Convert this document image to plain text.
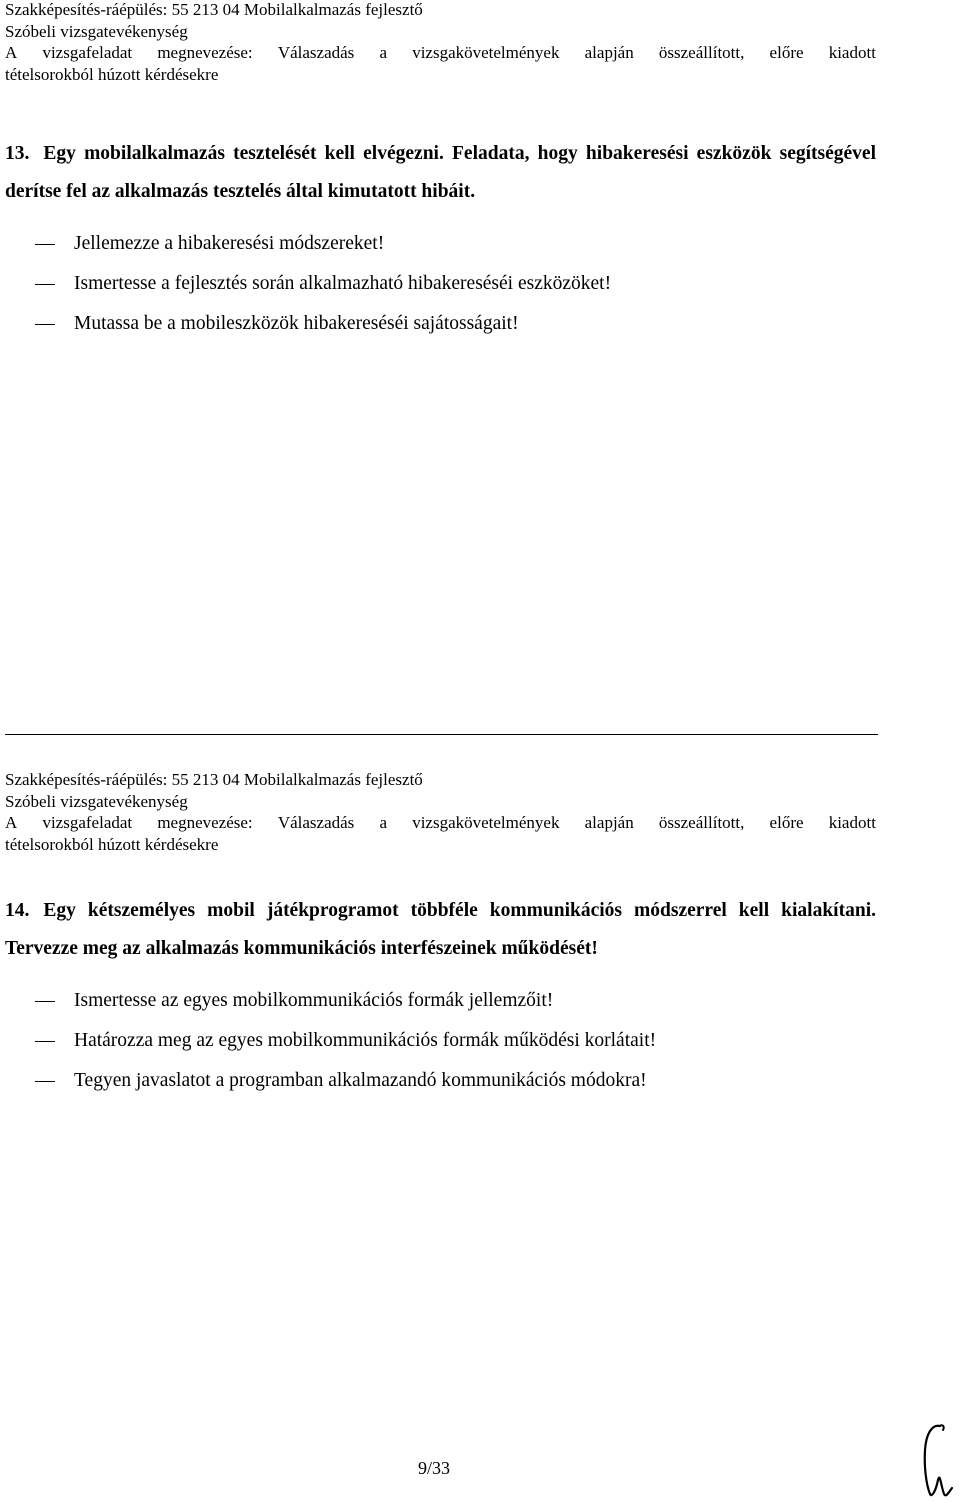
Szakképesítés-ráépülés: 55 213 04 Mobilalkalmazás fejlesztő
Szóbeli vizsgatevékenység
A vizsgafeladat megnevezése: Válaszadás a vizsgakövetelmények alapján összeállított, előre kiadott
tételsorokból húzott kérdésekre
13. Egy mobilalkalmazás tesztelését kell elvégezni. Feladata, hogy hibakeresési eszközök segítségével derítse fel az alkalmazás tesztelés által kimutatott hibáit.
Jellemezze a hibakeresési módszereket!
Ismertesse a fejlesztés során alkalmazható hibakereséséi eszközöket!
Mutassa be a mobileszközök hibakereséséi sajátosságait!
Szakképesítés-ráépülés: 55 213 04 Mobilalkalmazás fejlesztő
Szóbeli vizsgatevékenység
A vizsgafeladat megnevezése: Válaszadás a vizsgakövetelmények alapján összeállított, előre kiadott
tételsorokból húzott kérdésekre
14. Egy kétszemélyes mobil játékprogramot többféle kommunikációs módszerrel kell kialakítani. Tervezze meg az alkalmazás kommunikációs interfészeinek működését!
Ismertesse az egyes mobilkommunikációs formák jellemzőit!
Határozza meg az egyes mobilkommunikációs formák működési korlátait!
Tegyen javaslatot a programban alkalmazandó kommunikációs módokra!
9/33
